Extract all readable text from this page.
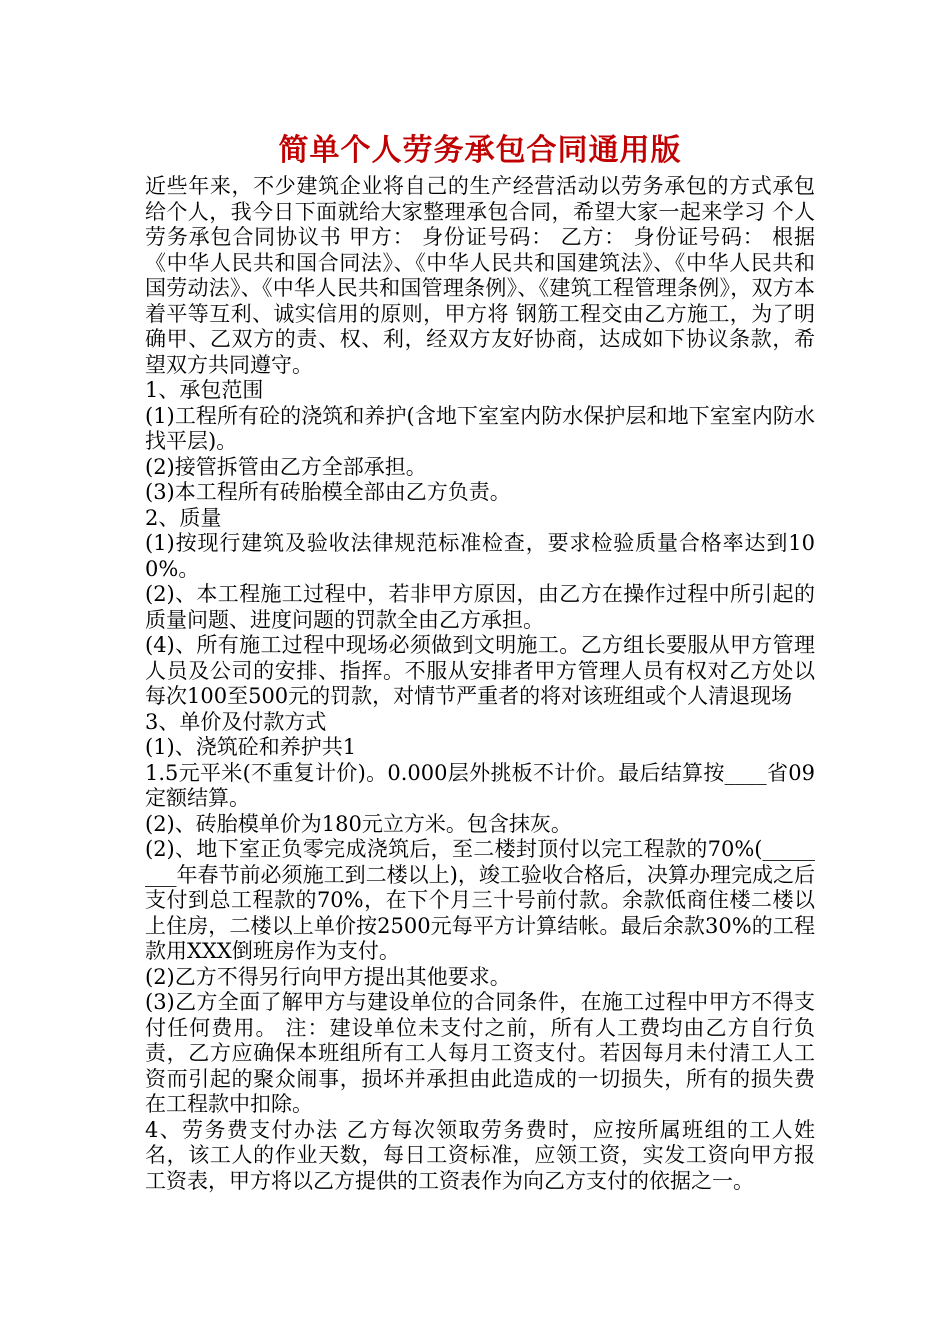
简单个人劳务承包合同通用版

近些年来，不少建筑企业将自己的生产经营活动以劳务承包的方式承包给个人，我今日下面就给大家整理承包合同，希望大家一起来学习 个人劳务承包合同协议书 甲方： 身份证号码： 乙方： 身份证号码： 根据《中华人民共和国合同法》、《中华人民共和国建筑法》、《中华人民共和国劳动法》、《中华人民共和国管理条例》、《建筑工程管理条例》，双方本着平等互利、诚实信用的原则，甲方将 钢筋工程交由乙方施工，为了明确甲、乙双方的责、权、利，经双方友好协商，达成如下协议条款，希望双方共同遵守。

1、承包范围

(1)工程所有砼的浇筑和养护(含地下室室内防水保护层和地下室室内防水找平层)。

(2)接管拆管由乙方全部承担。

(3)本工程所有砖胎模全部由乙方负责。

2、质量

(1)按现行建筑及验收法律规范标准检查，要求检验质量合格率达到100%。

(2)、本工程施工过程中，若非甲方原因，由乙方在操作过程中所引起的质量问题、进度问题的罚款全由乙方承担。

(4)、所有施工过程中现场必须做到文明施工。乙方组长要服从甲方管理人员及公司的安排、指挥。不服从安排者甲方管理人员有权对乙方处以每次100至500元的罚款，对情节严重者的将对该班组或个人清退现场

3、单价及付款方式

(1)、浇筑砼和养护共1

1.5元平米(不重复计价)。0.000层外挑板不计价。最后结算按____省09定额结算。

(2)、砖胎模单价为180元立方米。包含抹灰。

(2)、地下室正负零完成浇筑后，至二楼封顶付以完工程款的70%(________年春节前必须施工到二楼以上)，竣工验收合格后，决算办理完成之后支付到总工程款的70%，在下个月三十号前付款。余款低商住楼二楼以上住房，二楼以上单价按2500元每平方计算结帐。最后余款30%的工程款用XXX倒班房作为支付。

(2)乙方不得另行向甲方提出其他要求。

(3)乙方全面了解甲方与建设单位的合同条件，在施工过程中甲方不得支付任何费用。 注：建设单位未支付之前，所有人工费均由乙方自行负责，乙方应确保本班组所有工人每月工资支付。若因每月未付清工人工资而引起的聚众闹事，损坏并承担由此造成的一切损失，所有的损失费在工程款中扣除。

4、劳务费支付办法 乙方每次领取劳务费时，应按所属班组的工人姓名，该工人的作业天数，每日工资标准，应领工资，实发工资向甲方报工资表，甲方将以乙方提供的工资表作为向乙方支付的依据之一。
